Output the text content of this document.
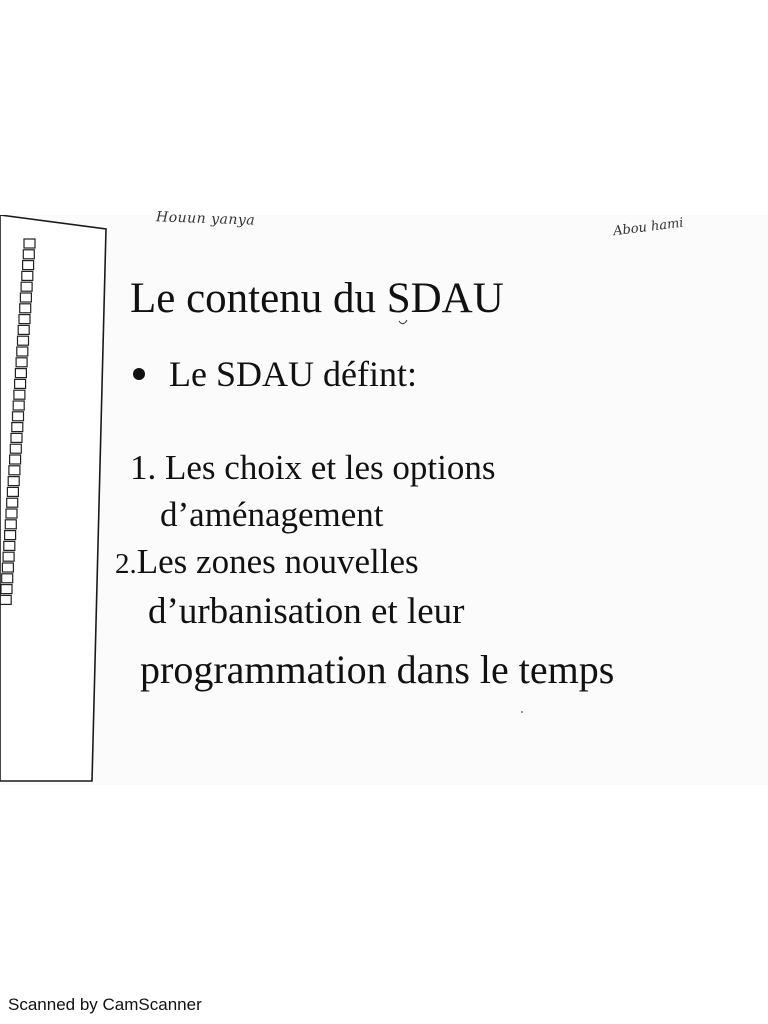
Houun yanya	Abou hami
Le contenu du SDAU
Le SDAU défint:
1. Les choix et les options
d’aménagement
2.Les zones nouvelles
d’urbanisation et leur
programmation dans le temps
Scanned by CamScanner
